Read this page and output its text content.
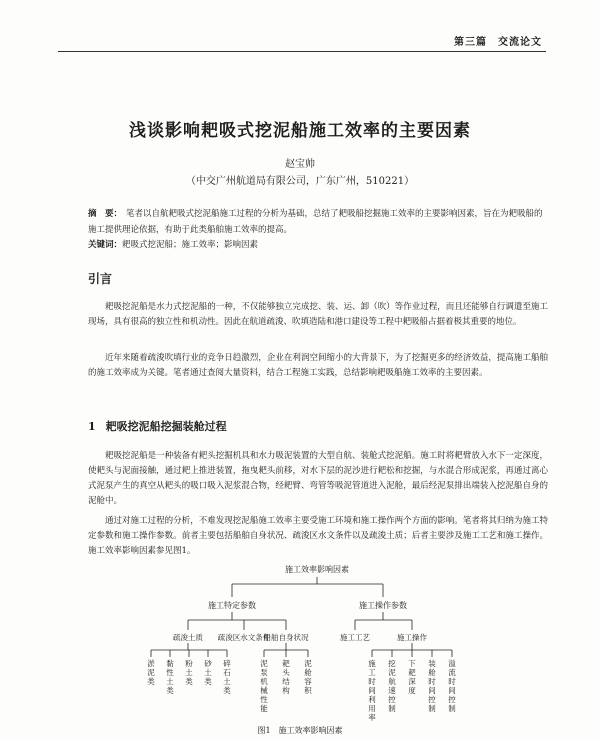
第三篇　交流论文
浅谈影响耙吸式挖泥船施工效率的主要因素
赵宝帅
（中交广州航道局有限公司，广东广州，510221）
摘　要： 笔者以自航耙吸式挖泥船施工过程的分析为基础，总结了耙吸船挖掘施工效率的主要影响因素，旨在为耙吸船的施工提供理论依据，有助于此类船舶施工效率的提高。
关键词：耙吸式挖泥船；施工效率；影响因素
引言
耙吸挖泥船是水力式挖泥船的一种，不仅能够独立完成挖、装、运、卸（吹）等作业过程，而且还能够自行调遣至施工现场，具有很高的独立性和机动性。因此在航道疏浚、吹填造陆和港口建设等工程中耙吸船占据着极其重要的地位。
近年来随着疏浚吹填行业的竞争日趋激烈，企业在利润空间缩小的大背景下，为了挖掘更多的经济效益，提高施工船舶的施工效率成为关键。笔者通过查阅大量资料，结合工程施工实践，总结影响耙吸船施工效率的主要因素。
1 耙吸挖泥船挖掘装舱过程
耙吸挖泥船是一种装备有耙头挖掘机具和水力吸泥装置的大型自航、装舱式挖泥船。施工时将耙臂放入水下一定深度，使耙头与泥面接触，通过耙上推进装置，拖曳耙头前移，对水下层的泥沙进行耙松和挖掘，与水混合形成泥浆，再通过离心式泥泵产生的真空从耙头的吸口吸入泥浆混合物，经耙臂、弯管等吸泥管道进入泥舱，最后经泥泵排出端装入挖泥船自身的泥舱中。
通过对施工过程的分析，不难发现挖泥船施工效率主要受施工环境和施工操作两个方面的影响。笔者将其归纳为施工特定参数和施工操作参数。前者主要包括船舶自身状况、疏浚区水文条件以及疏浚土质；后者主要涉及施工工艺和施工操作。施工效率影响因素参见图1。
施工效率影响因素
施工特定参数	施工操作参数
疏浚土质 疏浚区水文条件
船舶自身状况	施工工艺	施工操作
淤泥类
黏性土类
粉土类
砂土类
碎石土类
泥泵机械性能
耙头结构
泥舱容积
施工时间利用率
挖泥航速控制
下耙深度
装舱时间控制
溢流时间控制
图1 施工效率影响因素
